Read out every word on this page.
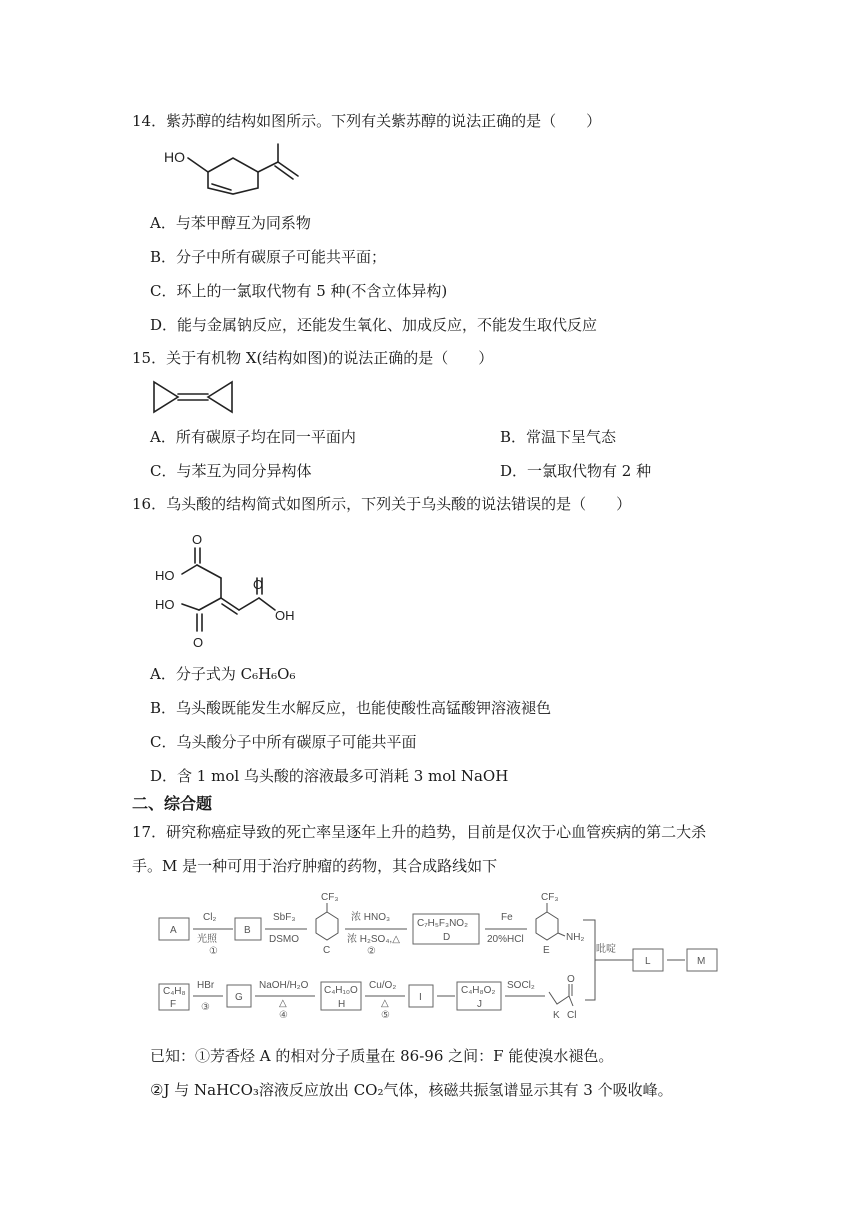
14．紫苏醇的结构如图所示。下列有关紫苏醇的说法正确的是（　　）
HO
A．与苯甲醇互为同系物
B．分子中所有碳原子可能共平面；
C．环上的一氯取代物有 5 种(不含立体异构)
D．能与金属钠反应，还能发生氧化、加成反应，不能发生取代反应
15．关于有机物 X(结构如图)的说法正确的是（　　）
A．所有碳原子均在同一平面内	B．常温下呈气态
C．与苯互为同分异构体	D．一氯取代物有 2 种
16．乌头酸的结构简式如图所示，下列关于乌头酸的说法错误的是（　　）
O
HO
O
HO
OH
O
A．分子式为 C₆H₆O₆
B．乌头酸既能发生水解反应，也能使酸性高锰酸钾溶液褪色
C．乌头酸分子中所有碳原子可能共平面
D．含 1 mol 乌头酸的溶液最多可消耗 3 mol NaOH
二、综合题
17．研究称癌症导致的死亡率呈逐年上升的趋势，目前是仅次于心血管疾病的第二大杀
手。M 是一种可用于治疗肿瘤的药物，其合成路线如下
A
Cl₂
光照
①
B
SbF₃
DSMO
CF₃
C
浓 HNO₃
浓 H₂SO₄,△
②
C₇H₅F₃NO₂
D
Fe
20%HCl
CF₃
NH₂
E	吡啶
L	M
C₄H₈
F
HBr
③
G
NaOH/H₂O
△
④
C₄H₁₀O
H
Cu/O₂
△
⑤
I
C₄H₈O₂
J
SOCl₂
O
Cl
K
已知：①芳香烃 A 的相对分子质量在 86-96 之间：F 能使溴水褪色。
②J 与 NaHCO₃溶液反应放出 CO₂气体，核磁共振氢谱显示其有 3 个吸收峰。
